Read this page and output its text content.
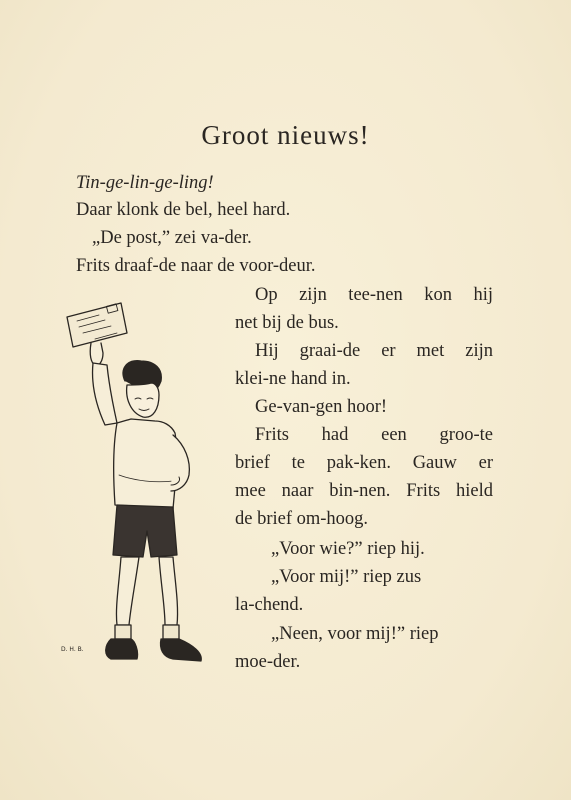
Groot nieuws!
Tin-ge-lin-ge-ling!
Daar klonk de bel, heel hard.
„De post,” zei va-der.
Frits draaf-de naar de voor-deur.
Op zijn tee-nen kon hij
net bij de bus.
Hij graai-de er met zijn
klei-ne hand in.
Ge-van-gen hoor!
Frits had een groo-te
brief te pak-ken. Gauw er
mee naar bin-nen. Frits hield
de brief om-hoog.
„Voor wie?” riep hij.
„Voor mij!” riep zus
la-chend.
„Neen, voor mij!” riep
moe-der.
D. H. B.
